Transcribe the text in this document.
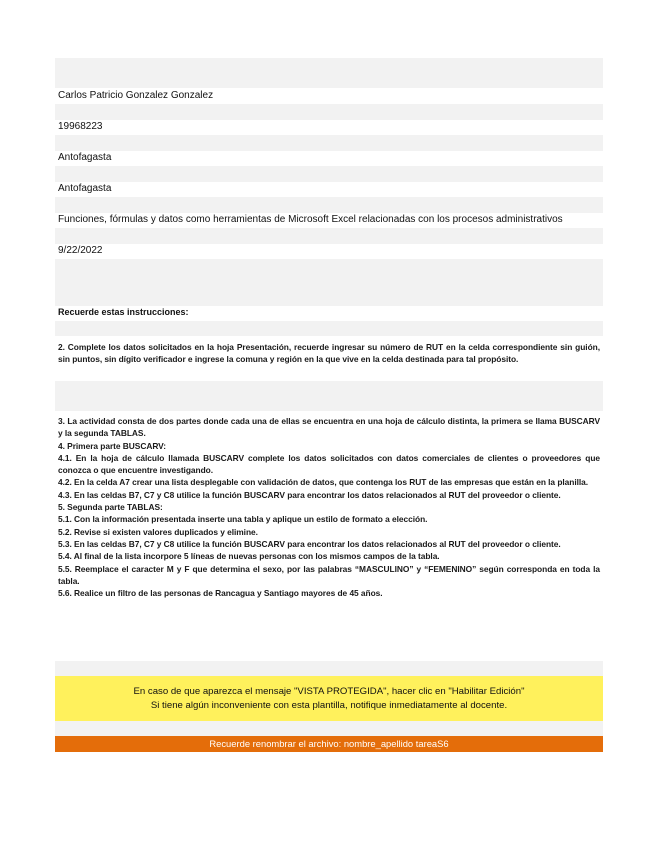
Carlos Patricio Gonzalez Gonzalez
19968223
Antofagasta
Antofagasta
Funciones, fórmulas y datos como herramientas de Microsoft Excel relacionadas con los procesos administrativos
9/22/2022
Recuerde estas instrucciones:

2. Complete los datos solicitados en la hoja Presentación, recuerde ingresar su número de RUT en la celda correspondiente sin guión, sin puntos, sin dígito verificador e ingrese la comuna y región en la que vive en la celda destinada para tal propósito.

3. La actividad consta de dos partes donde cada una de ellas se encuentra en una hoja de cálculo distinta, la primera se llama BUSCARV y la segunda TABLAS.

4. Primera parte BUSCARV:

4.1. En la hoja de cálculo llamada BUSCARV complete los datos solicitados con datos comerciales de clientes o proveedores que conozca o que encuentre investigando.

4.2. En la celda A7 crear una lista desplegable con validación de datos, que contenga los RUT de las empresas que están en la planilla.

4.3. En las celdas B7, C7 y C8 utilice la función BUSCARV para encontrar los datos relacionados al RUT del proveedor o cliente.

5. Segunda parte TABLAS:

5.1. Con la información presentada inserte una tabla y aplique un estilo de formato a elección.

5.2. Revise si existen valores duplicados y elimine.

5.3. En las celdas B7, C7 y C8 utilice la función BUSCARV para encontrar los datos relacionados al RUT del proveedor o cliente.

5.4. Al final de la lista incorpore 5 líneas de nuevas personas con los mismos campos de la tabla.

5.5. Reemplace el caracter M y F que determina el sexo, por las palabras “MASCULINO” y “FEMENINO” según corresponda en toda la tabla.

5.6. Realice un filtro de las personas de Rancagua y Santiago mayores de 45 años.

En caso de que aparezca el mensaje "VISTA PROTEGIDA", hacer clic en "Habilitar Edición"
Si tiene algún inconveniente con esta plantilla, notifique inmediatamente al docente.
Recuerde renombrar el archivo: nombre_apellido tareaS6
